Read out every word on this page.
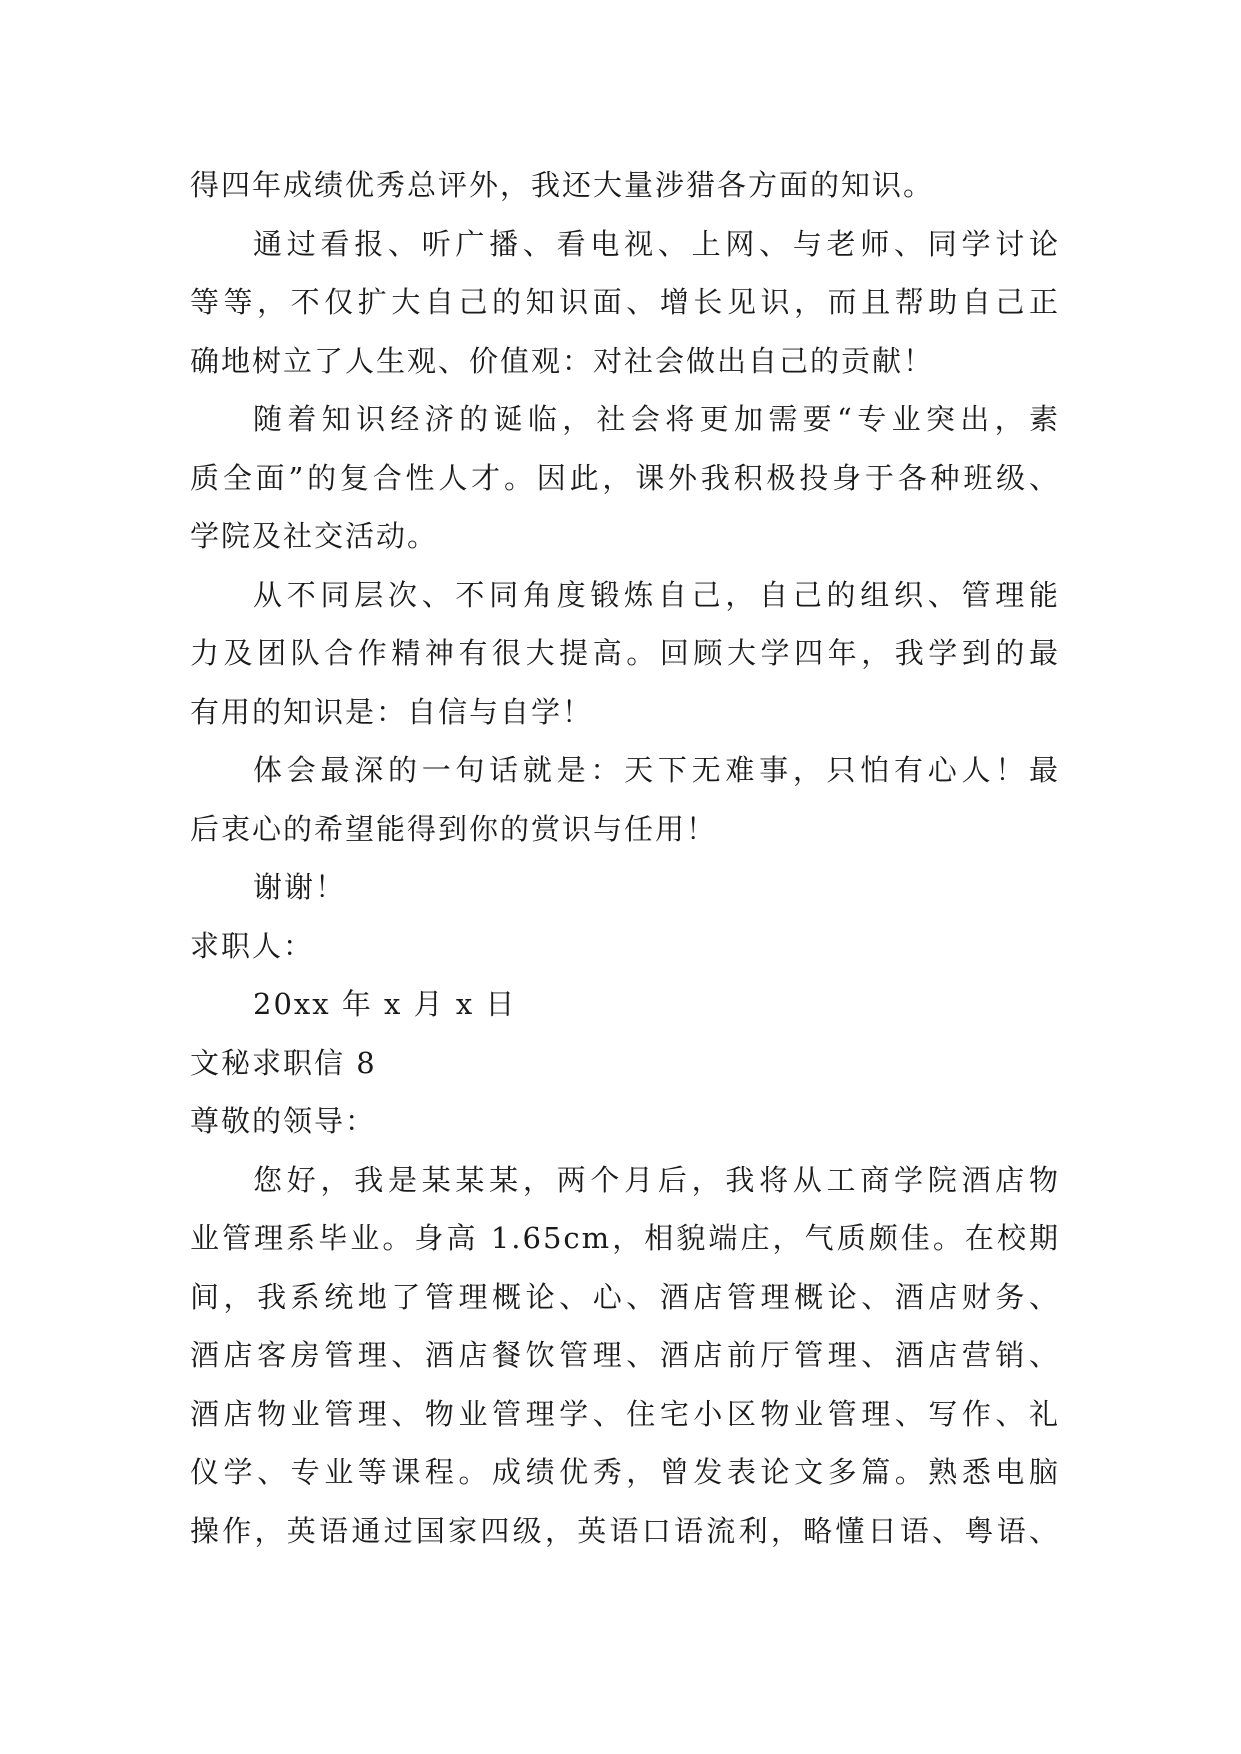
得四年成绩优秀总评外，我还大量涉猎各方面的知识。
通过看报、听广播、看电视、上网、与老师、同学讨论
等等，不仅扩大自己的知识面、增长见识，而且帮助自己正
确地树立了人生观、价值观：对社会做出自己的贡献！
随着知识经济的诞临，社会将更加需要“专业突出，素
质全面”的复合性人才。因此，课外我积极投身于各种班级、
学院及社交活动。
从不同层次、不同角度锻炼自己，自己的组织、管理能
力及团队合作精神有很大提高。回顾大学四年，我学到的最
有用的知识是：自信与自学！
体会最深的一句话就是：天下无难事，只怕有心人！最
后衷心的希望能得到你的赏识与任用！
谢谢！
求职人：
20xx 年 x 月 x 日
文秘求职信 8
尊敬的领导：
您好，我是某某某，两个月后，我将从工商学院酒店物
业管理系毕业。身高 1.65cm，相貌端庄，气质颇佳。在校期
间，我系统地了管理概论、心、酒店管理概论、酒店财务、
酒店客房管理、酒店餐饮管理、酒店前厅管理、酒店营销、
酒店物业管理、物业管理学、住宅小区物业管理、写作、礼
仪学、专业等课程。成绩优秀，曾发表论文多篇。熟悉电脑
操作，英语通过国家四级，英语口语流利，略懂日语、粤语、
